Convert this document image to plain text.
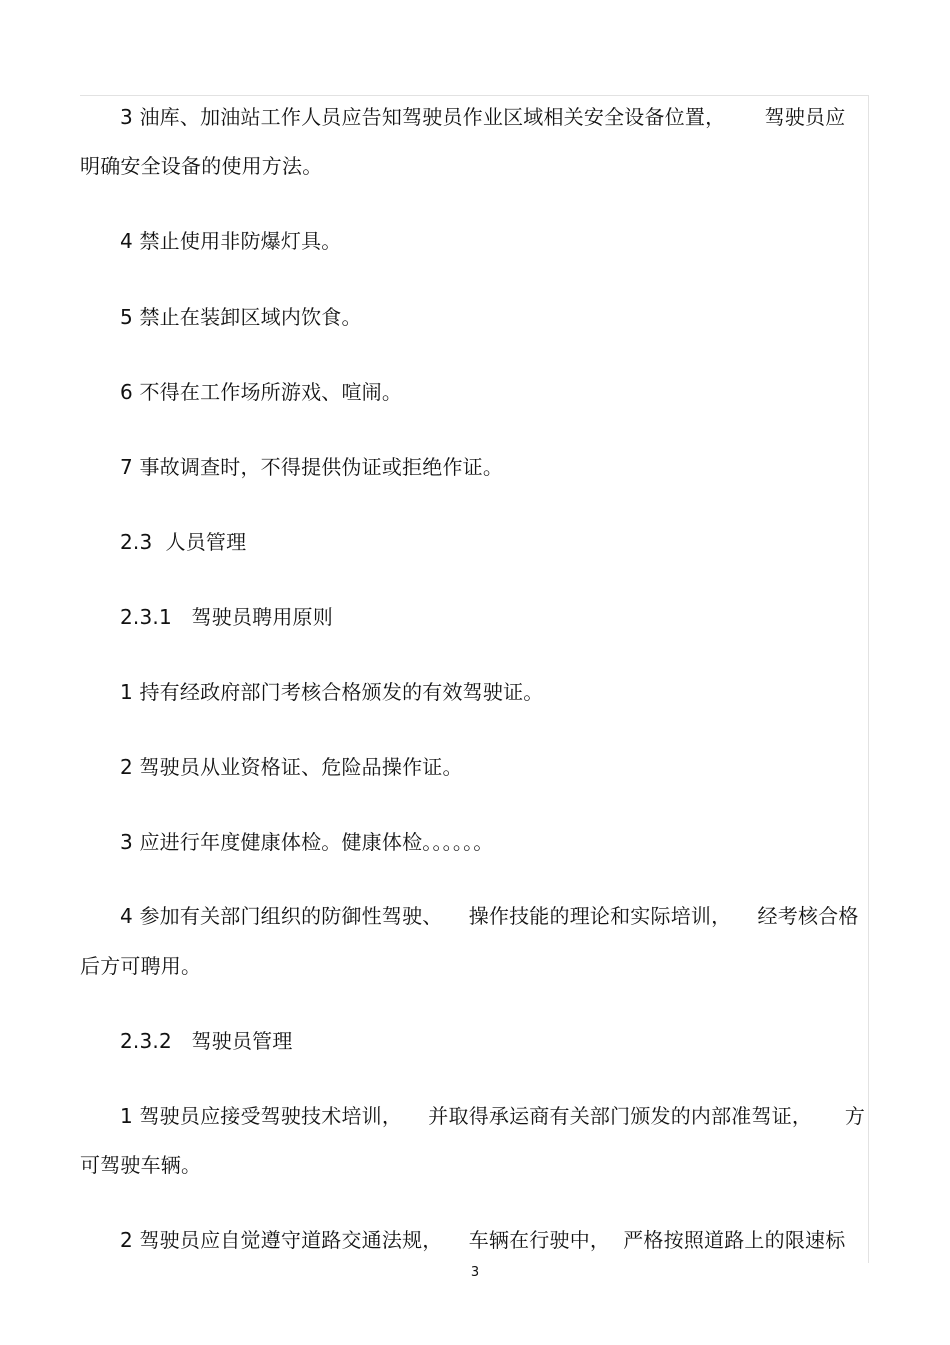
3 油库、加油站工作人员应告知驾驶员作业区域相关安全设备位置，      驾驶员应
明确安全设备的使用方法。
4 禁止使用非防爆灯具。
5 禁止在装卸区域内饮食。
6 不得在工作场所游戏、喧闹。
7 事故调查时，不得提供伪证或拒绝作证。
2.3  人员管理
2.3.1   驾驶员聘用原则
1 持有经政府部门考核合格颁发的有效驾驶证。
2 驾驶员从业资格证、危险品操作证。
3 应进行年度健康体检。健康体检。。。。。。
4 参加有关部门组织的防御性驾驶、    操作技能的理论和实际培训，    经考核合格
后方可聘用。
2.3.2   驾驶员管理
1 驾驶员应接受驾驶技术培训，    并取得承运商有关部门颁发的内部准驾证，     方
可驾驶车辆。
2 驾驶员应自觉遵守道路交通法规，    车辆在行驶中，  严格按照道路上的限速标
3
